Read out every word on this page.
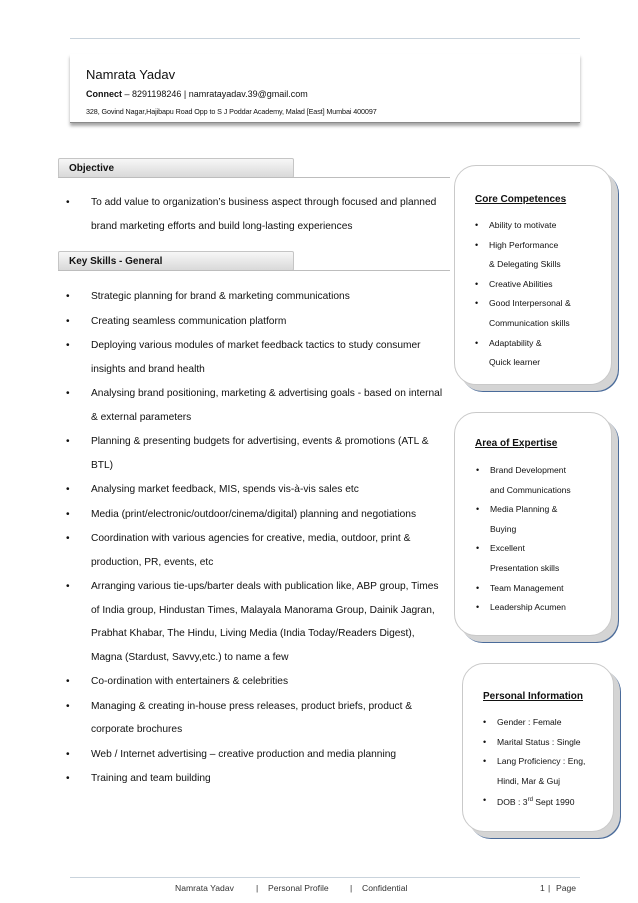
Namrata Yadav
Connect – 8291198246 | namratayadav.39@gmail.com
328, Govind Nagar,Hajibapu Road Opp to S J Poddar Academy, Malad [East] Mumbai 400097
Objective
• To add value to organization’s business aspect through focused and planned brand marketing efforts and build long-lasting experiences
Key Skills - General
• Strategic planning for brand & marketing communications
• Creating seamless communication platform
• Deploying various modules of market feedback tactics to study consumer insights and brand health
• Analysing brand positioning, marketing & advertising goals - based on internal & external parameters
• Planning & presenting budgets for advertising, events & promotions (ATL & BTL)
• Analysing market feedback, MIS, spends vis-à-vis sales etc
• Media (print/electronic/outdoor/cinema/digital) planning and negotiations
• Coordination with various agencies for creative, media, outdoor, print & production, PR, events, etc
• Arranging various tie-ups/barter deals with publication like, ABP group, Times of India group, Hindustan Times, Malayala Manorama Group, Dainik Jagran, Prabhat Khabar, The Hindu, Living Media (India Today/Readers Digest), Magna (Stardust, Savvy,etc.) to name a few
• Co-ordination with entertainers & celebrities
• Managing & creating in-house press releases, product briefs, product & corporate brochures
• Web / Internet advertising – creative production and media planning
• Training and team building
Core Competences
• Ability to motivate
• High Performance
& Delegating Skills
• Creative Abilities
• Good Interpersonal &
Communication skills
• Adaptability &
Quick learner
Area of Expertise
• Brand Development
and Communications
• Media Planning &
Buying
• Excellent
Presentation skills
• Team Management
• Leadership Acumen
Personal Information
• Gender : Female
• Marital Status : Single
• Lang Proficiency : Eng,
Hindi, Mar & Guj
• DOB : 3rd Sept 1990
Namrata Yadav	| Personal Profile | Confidential	1 | Page
